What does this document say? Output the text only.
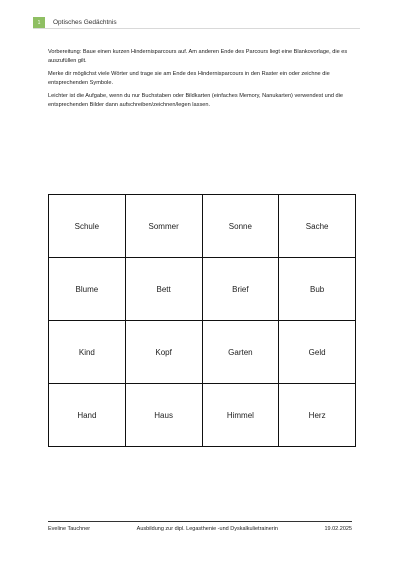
1	Optisches Gedächtnis

Vorbereitung: Baue einen kurzen Hindernisparcours auf. Am anderen Ende des Parcours liegt eine Blankovorlage, die es auszufüllen gilt.

Merke dir möglichst viele Wörter und trage sie am Ende des Hindernisparcours in den Raster ein oder zeichne die entsprechenden Symbole.

Leichter ist die Aufgabe, wenn du nur Buchstaben oder Bildkarten (einfaches Memory, Nanukarten) verwendest und die entsprechenden Bilder dann aufschreiben/zeichnen/legen lassen.

Schule	Sommer	Sonne	Sache
Blume	Bett	Brief	Bub
Kind	Kopf	Garten	Geld
Hand	Haus	Himmel	Herz
Eveline Tauchner	Ausbildung zur dipl. Legasthenie -und Dyskalkulietrainerin	19.02.2025
